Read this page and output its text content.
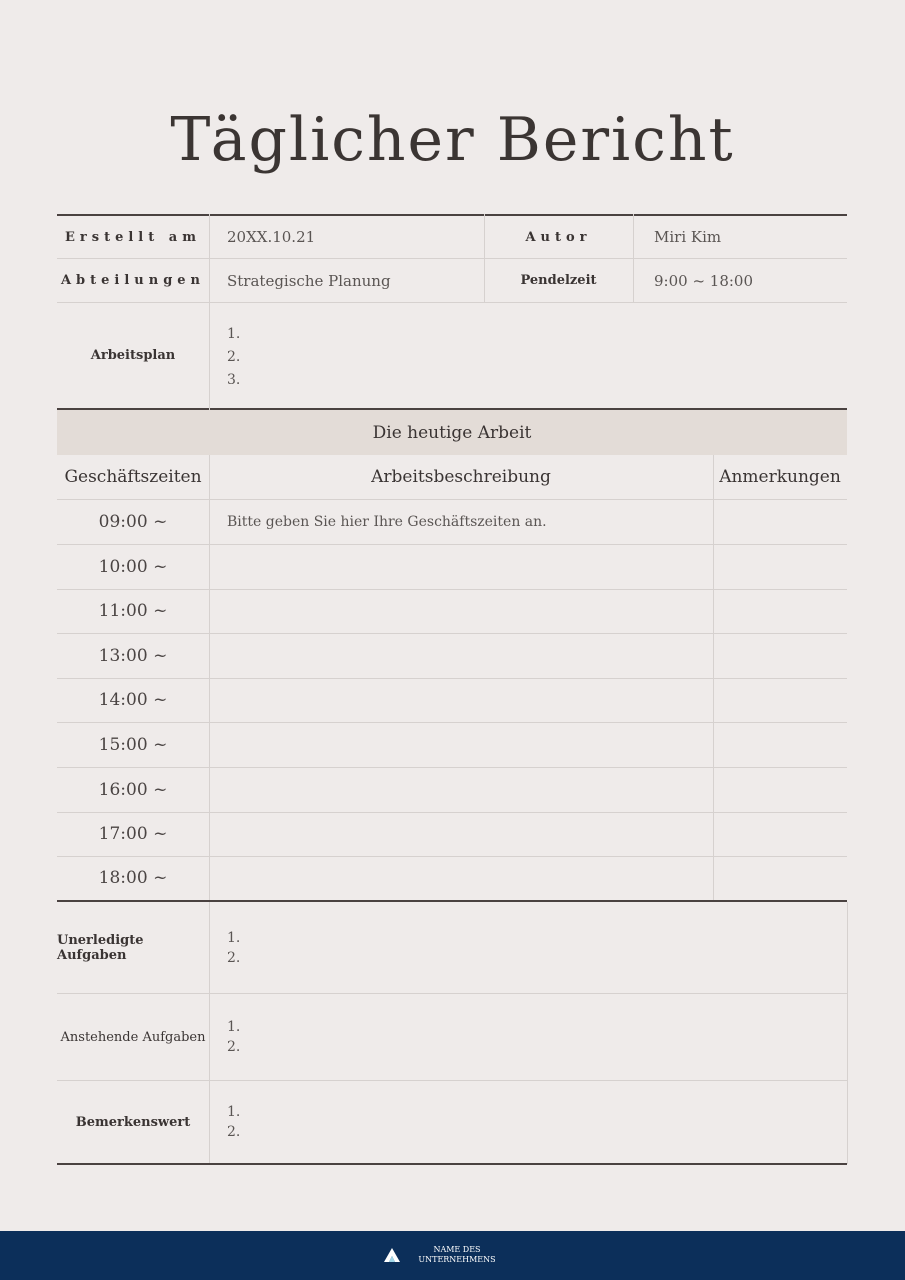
Täglicher Bericht
Erstellt am	20XX.10.21	Autor	Miri Kim
Abteilungen	Strategische Planung	Pendelzeit	9:00 ~ 18:00
Arbeitsplan
1.
2.
3.
Die heutige Arbeit
Geschäftszeiten	Arbeitsbeschreibung	Anmerkungen
09:00 ~	Bitte geben Sie hier Ihre Geschäftszeiten an.
10:00 ~
11:00 ~
13:00 ~
14:00 ~
15:00 ~
16:00 ~
17:00 ~
18:00 ~
Unerledigte Aufgaben
1.
2.
Anstehende Aufgaben
1.
2.
Bemerkenswert
1.
2.
NAME DES
UNTERNEHMENS
